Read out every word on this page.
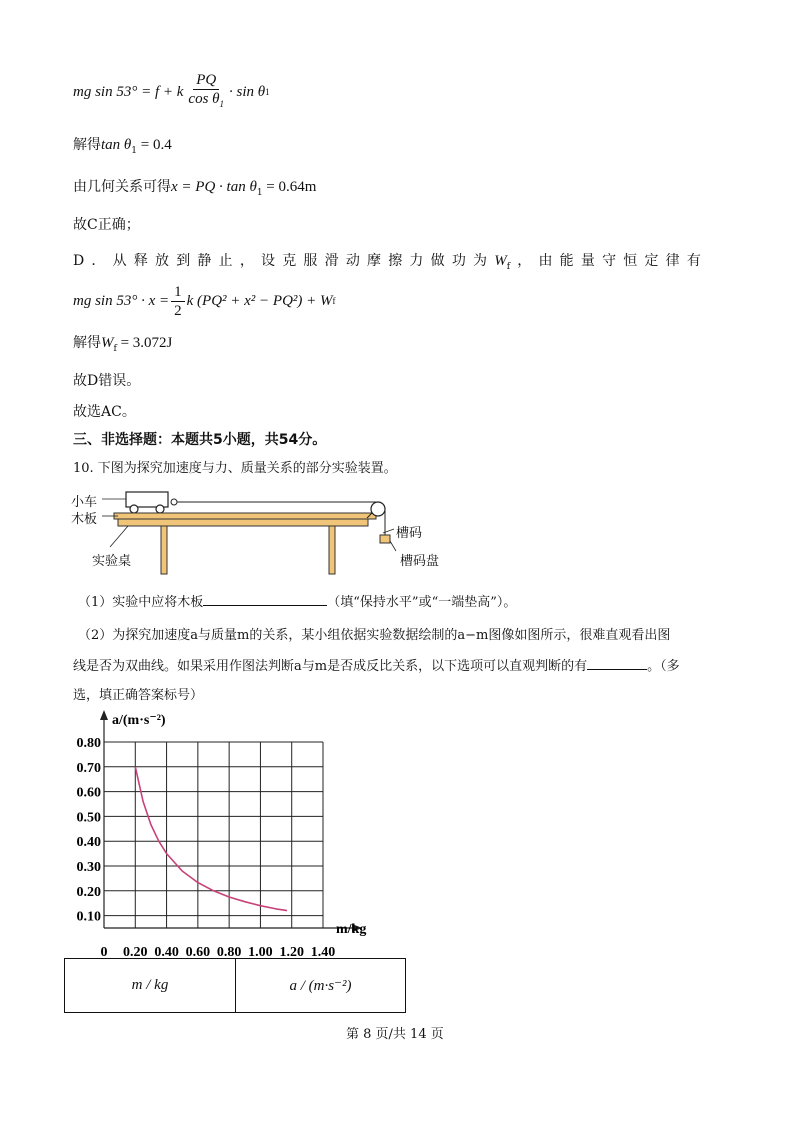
mg sin 53° = f + k $\frac{PQ}{\cos \theta_1} \cdot \sin \theta$ 1
解得$\tan \theta_1 = 0.4$
由几何关系可得x = PQ · $\tan \theta_1 = 0.64m$
故C正确；
D．从释放到静止，设克服滑动摩擦力做功为$W_f$，由能量守恒定律有
mg $\sin 53^\circ \cdot x = \frac{1}{2}$ k (PQ² + x² − PQ²) + W f
解得$W_f = 3.072J$
故D错误。
故选AC。
三、非选择题：本题共5小题，共54分。
10. 下图为探究加速度与力、质量关系的部分实验装置。
小车
木板
实验桌
槽码
槽码盘
（1）实验中应将木板	（填“保持水平”或“一端垫高”）。
（2）为探究加速度a与质量m的关系，某小组依据实验数据绘制的a−m图像如图所示，很难直观看出图
线是否为双曲线。如果采用作图法判断a与m是否成反比关系，以下选项可以直观判断的有	。（多
选，填正确答案标号）
0.10
0.20
0.30
0.40
0.50
0.60
0.70
0.80
0 0.20 0.40 0.60 0.80 1.00 1.20 1.40
a/(m·s⁻²)
m/kg
m / kg	a / (m·s⁻²)
第 8 页/共 14 页
